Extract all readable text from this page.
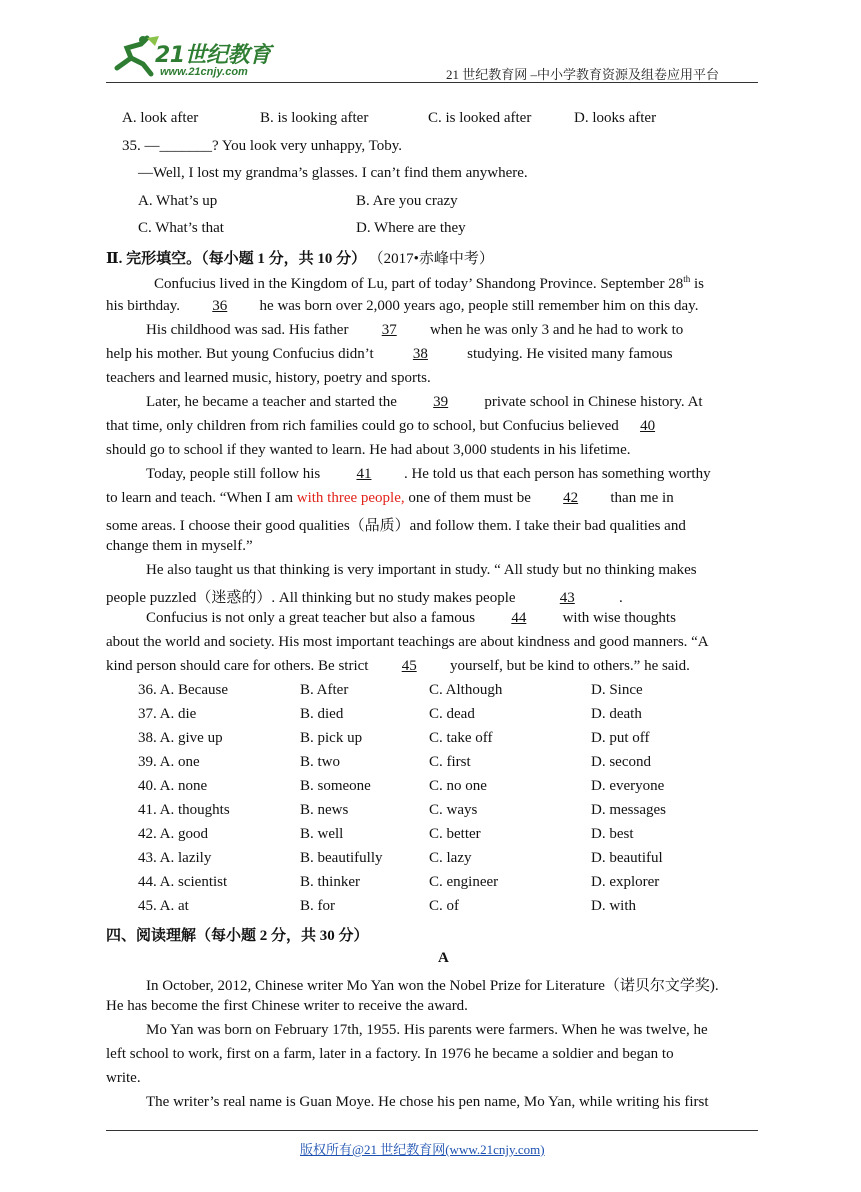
21世纪教育
www.21cnjy.com	21 世纪教育网 –中小学教育资源及组卷应用平台
A. look after	B. is looking after	C. is looked after	D. looks after
35. —_______? You look very unhappy, Toby.
—Well, I lost my grandma’s glasses. I can’t find them anywhere.
A. What’s up	B. Are you crazy
C. What’s that	D. Where are they
Ⅱ. 完形填空。（每小题 1 分，共 10 分） （2017•赤峰中考）
Confucius lived in the Kingdom of Lu, part of today’ Shandong Province. September 28th is
his birthday. 36 he was born over 2,000 years ago, people still remember him on this day.
His childhood was sad. His father 37 when he was only 3 and he had to work to
help his mother. But young Confucius didn’t 38 studying. He visited many famous
teachers and learned music, history, poetry and sports.
Later, he became a teacher and started the 39 private school in Chinese history. At
that time, only children from rich families could go to school, but Confucius believed 40
should go to school if they wanted to learn. He had about 3,000 students in his lifetime.
Today, people still follow his 41 . He told us that each person has something worthy
to learn and teach. “When I am with three people, one of them must be 42 than me in
some areas. I choose their good qualities（品质）and follow them. I take their bad qualities and
change them in myself.”
He also taught us that thinking is very important in study. “ All study but no thinking makes
people puzzled（迷惑的）. All thinking but no study makes people	43	.
Confucius is not only a great teacher but also a famous 44 with wise thoughts
about the world and society. His most important teachings are about kindness and good manners. “A
kind person should care for others. Be strict 45 yourself, but be kind to others.” he said.
36. A. Because	B. After	C. Although	D. Since
37. A. die	B. died	C. dead	D. death
38. A. give up	B. pick up	C. take off	D. put off
39. A. one	B. two	C. first	D. second
40. A. none	B. someone	C. no one	D. everyone
41. A. thoughts	B. news	C. ways	D. messages
42. A. good	B. well	C. better	D. best
43. A. lazily	B. beautifully	C. lazy	D. beautiful
44. A. scientist	B. thinker	C. engineer	D. explorer
45. A. at	B. for	C. of	D. with
四、阅读理解（每小题 2 分，共 30 分）
A
In October, 2012, Chinese writer Mo Yan won the Nobel Prize for Literature（诺贝尔文学奖).
He has become the first Chinese writer to receive the award.
Mo Yan was born on February 17th, 1955. His parents were farmers. When he was twelve, he
left school to work, first on a farm, later in a factory. In 1976 he became a soldier and began to
write.
The writer’s real name is Guan Moye. He chose his pen name, Mo Yan, while writing his first
版权所有@21 世纪教育网(www.21cnjy.com)
